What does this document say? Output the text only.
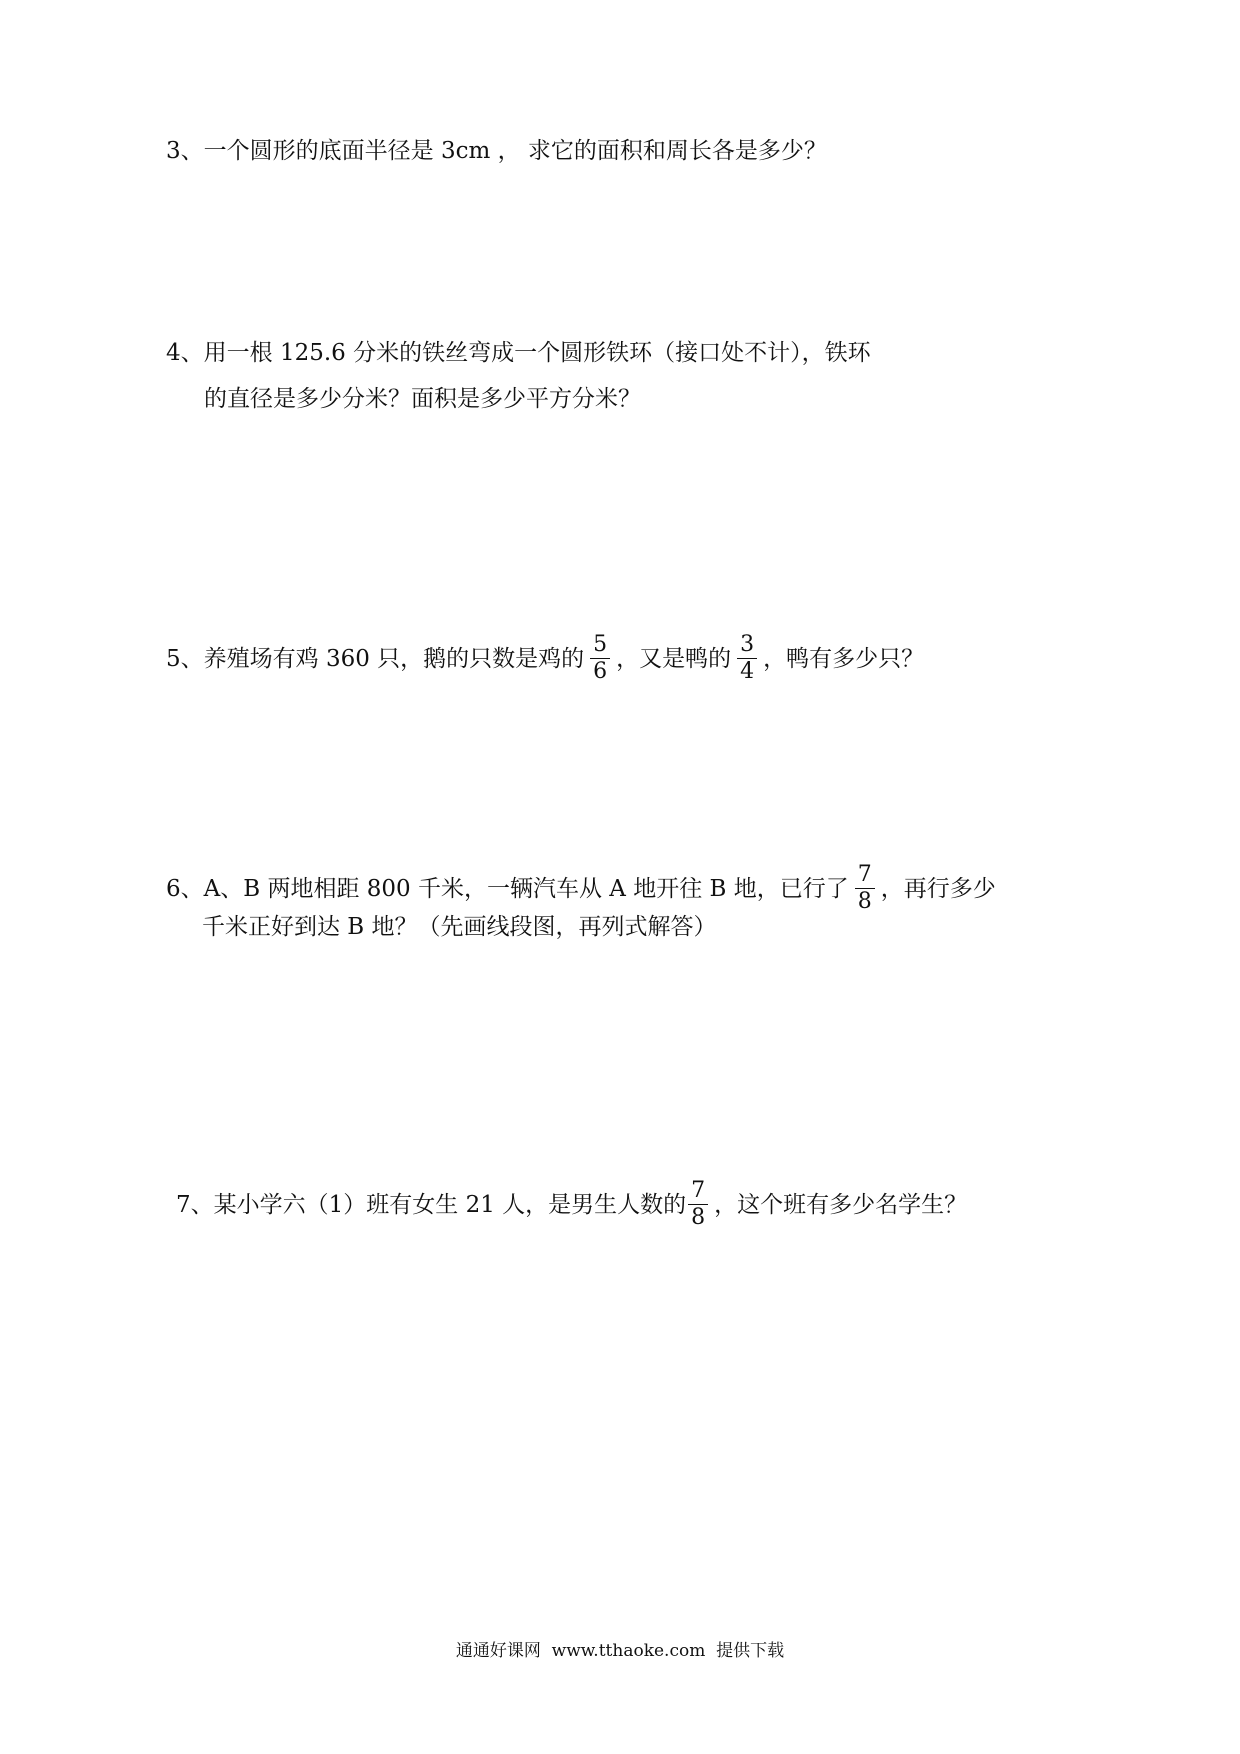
3、一个圆形的底面半径是 3cm ， 求它的面积和周长各是多少？
4、用一根 125.6 分米的铁丝弯成一个圆形铁环（接口处不计），铁环
的直径是多少分米？面积是多少平方分米？
5、养殖场有鸡 360 只，鹅的只数是鸡的 $\frac{5}{6}$ ，又是鸭的 $\frac{3}{4}$ ，鸭有多少只？
6、A、B 两地相距 800 千米，一辆汽车从 A 地开往 B 地，已行了 $\frac{7}{8}$ ，再行多少
千米正好到达 B 地？（先画线段图，再列式解答）
7、某小学六（1）班有女生 21 人，是男生人数的 $\frac{7}{8}$ ，这个班有多少名学生？
通通好课网  www.tthaoke.com  提供下载
